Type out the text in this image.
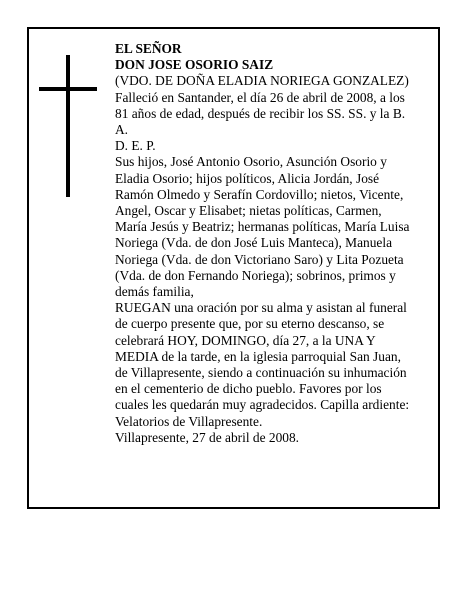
EL SEÑOR
DON JOSE OSORIO SAIZ
(VDO. DE DOÑA ELADIA NORIEGA GONZALEZ)
Falleció en Santander, el día 26 de abril de 2008, a los
81 años de edad, después de recibir los SS. SS. y la B.
A.
D. E. P.
Sus hijos, José Antonio Osorio, Asunción Osorio y
Eladia Osorio; hijos políticos, Alicia Jordán, José
Ramón Olmedo y Serafín Cordovillo; nietos, Vicente,
Angel, Oscar y Elisabet; nietas políticas, Carmen,
María Jesús y Beatriz; hermanas políticas, María Luisa
Noriega (Vda. de don José Luis Manteca), Manuela
Noriega (Vda. de don Victoriano Saro) y Lita Pozueta
(Vda. de don Fernando Noriega); sobrinos, primos y
demás familia,
RUEGAN una oración por su alma y asistan al funeral
de cuerpo presente que, por su eterno descanso, se
celebrará HOY, DOMINGO, día 27, a la UNA Y
MEDIA de la tarde, en la iglesia parroquial San Juan,
de Villapresente, siendo a continuación su inhumación
en el cementerio de dicho pueblo. Favores por los
cuales les quedarán muy agradecidos. Capilla ardiente:
Velatorios de Villapresente.
Villapresente, 27 de abril de 2008.
